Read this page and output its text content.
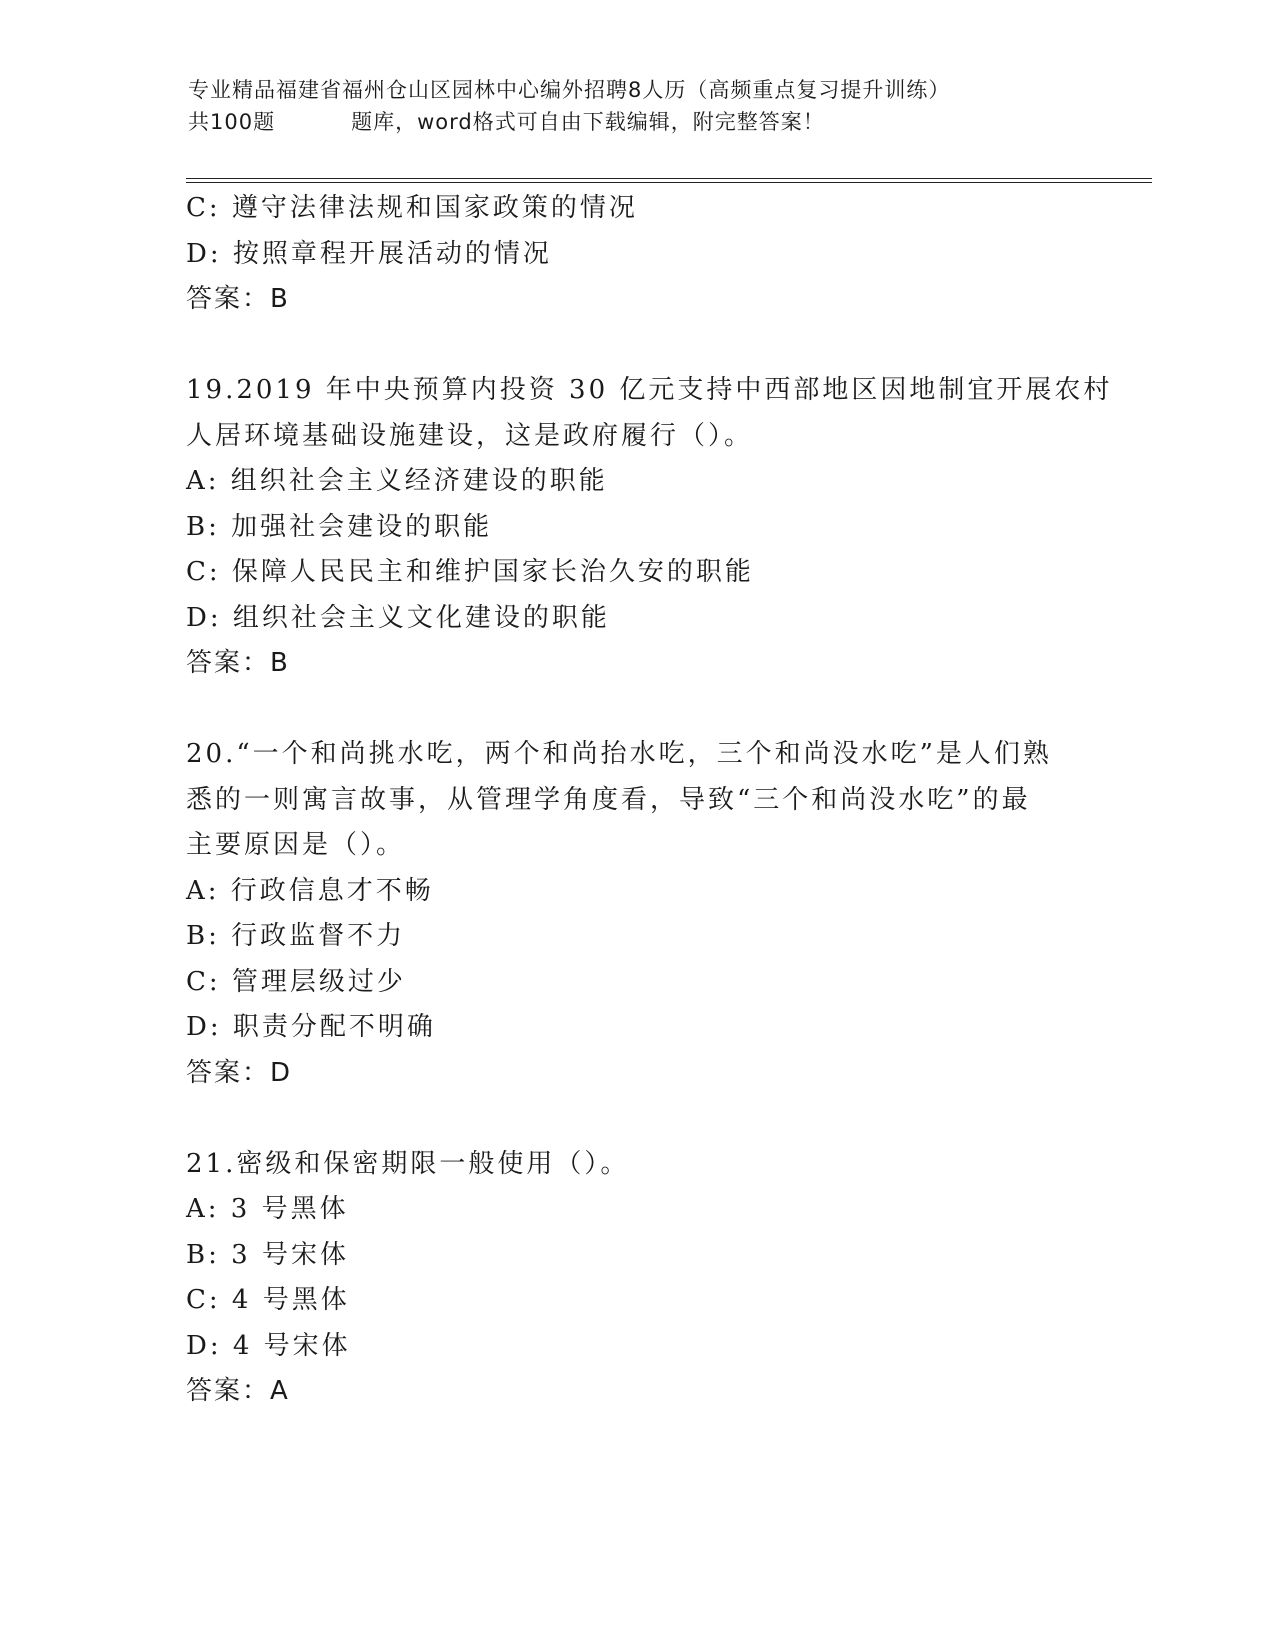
专业精品福建省福州仓山区园林中心编外招聘8人历（高频重点复习提升训练）
共100题	题库，word格式可自由下载编辑，附完整答案！
C: 遵守法律法规和国家政策的情况
D: 按照章程开展活动的情况
答案：B
19.2019 年中央预算内投资 30 亿元支持中西部地区因地制宜开展农村
人居环境基础设施建设，这是政府履行（）。
A: 组织社会主义经济建设的职能
B: 加强社会建设的职能
C: 保障人民民主和维护国家长治久安的职能
D: 组织社会主义文化建设的职能
答案：B
20.“一个和尚挑水吃，两个和尚抬水吃，三个和尚没水吃”是人们熟
悉的一则寓言故事，从管理学角度看，导致“三个和尚没水吃”的最
主要原因是（）。
A: 行政信息才不畅
B: 行政监督不力
C: 管理层级过少
D: 职责分配不明确
答案：D
21.密级和保密期限一般使用（）。
A: 3 号黑体
B: 3 号宋体
C: 4 号黑体
D: 4 号宋体
答案：A
